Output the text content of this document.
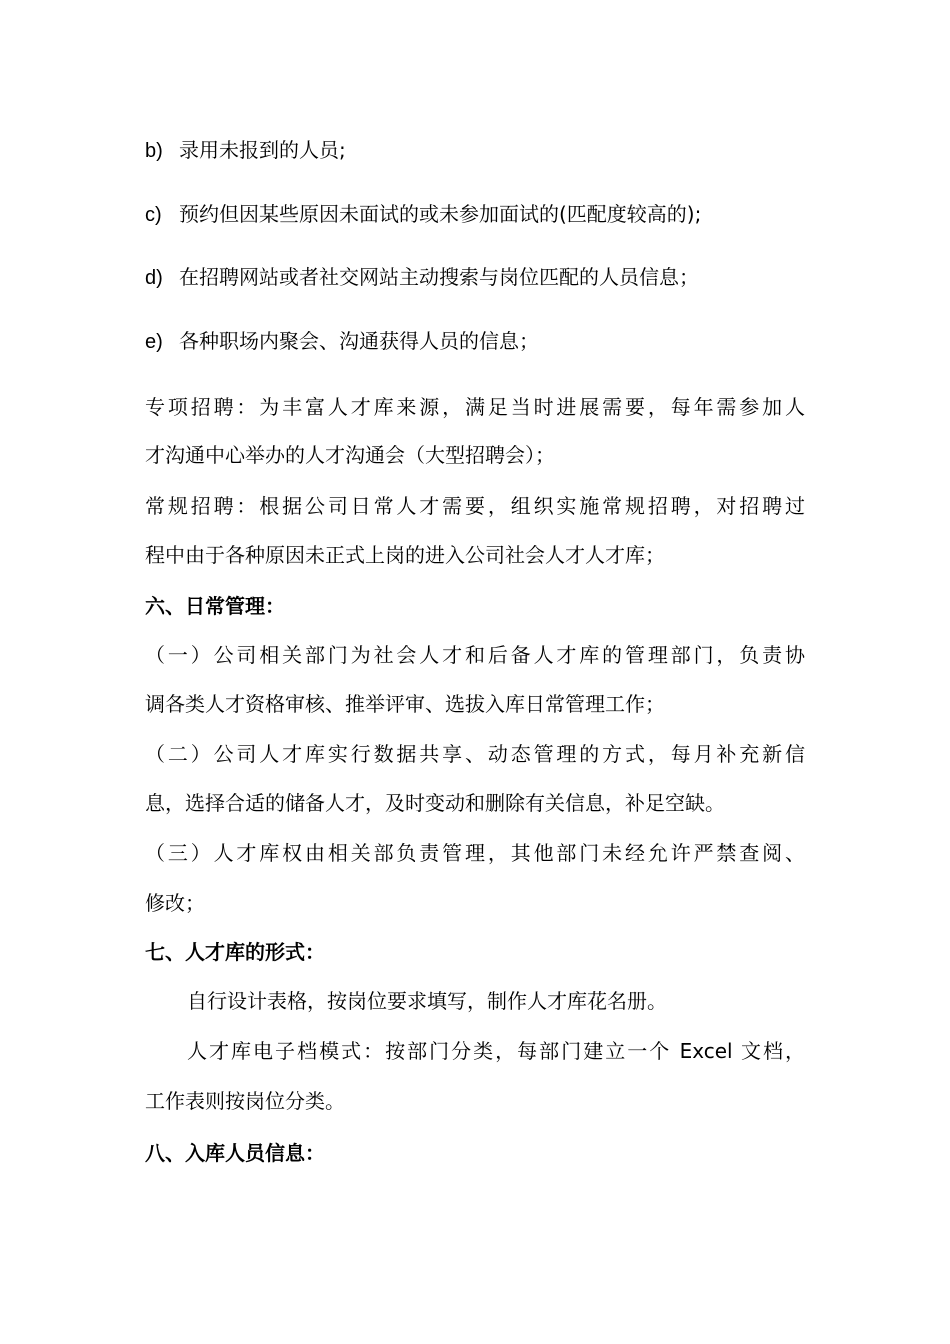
b) 录用未报到的人员;
c) 预约但因某些原因未面试的或未参加面试的(匹配度较高的);
d) 在招聘网站或者社交网站主动搜索与岗位匹配的人员信息；
e) 各种职场内聚会、沟通获得人员的信息；
专项招聘：为丰富人才库来源，满足当时进展需要，每年需参加人
才沟通中心举办的人才沟通会（大型招聘会）；
常规招聘：根据公司日常人才需要，组织实施常规招聘，对招聘过
程中由于各种原因未正式上岗的进入公司社会人才人才库；
六、日常管理：
（一）公司相关部门为社会人才和后备人才库的管理部门，负责协
调各类人才资格审核、推举评审、选拔入库日常管理工作；
（二）公司人才库实行数据共享、动态管理的方式，每月补充新信
息，选择合适的储备人才，及时变动和删除有关信息，补足空缺。
（三）人才库权由相关部负责管理，其他部门未经允许严禁查阅、
修改；
七、人才库的形式：
自行设计表格，按岗位要求填写，制作人才库花名册。
人才库电子档模式：按部门分类，每部门建立一个 Excel 文档，
工作表则按岗位分类。
八、入库人员信息：
